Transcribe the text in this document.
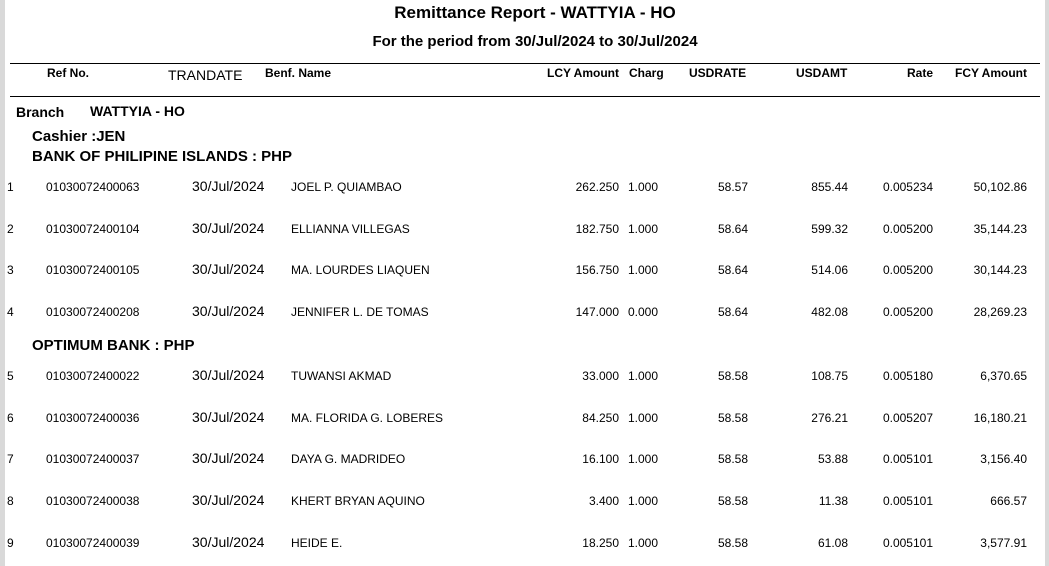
Remittance Report - WATTYIA - HO
For the period from 30/Jul/2024 to 30/Jul/2024
Ref No.	TRANDATE Benf. Name	LCY Amount Charg USDRATE	USDAMT	Rate	FCY Amount
Branch WATTYIA - HO
Cashier :JEN
BANK OF PHILIPINE ISLANDS : PHP
1	01030072400063	30/Jul/2024 JOEL P. QUIAMBAO	262.250 1.000	58.57	855.44	0.005234	50,102.86
2	01030072400104	30/Jul/2024 ELLIANNA VILLEGAS	182.750 1.000	58.64	599.32	0.005200	35,144.23
3	01030072400105	30/Jul/2024 MA. LOURDES LIAQUEN	156.750 1.000	58.64	514.06	0.005200	30,144.23
4	01030072400208	30/Jul/2024 JENNIFER L. DE TOMAS	147.000 0.000	58.64	482.08	0.005200	28,269.23
OPTIMUM BANK : PHP
5	01030072400022	30/Jul/2024 TUWANSI AKMAD	33.000 1.000	58.58	108.75	0.005180	6,370.65
6	01030072400036	30/Jul/2024 MA. FLORIDA G. LOBERES	84.250 1.000	58.58	276.21	0.005207	16,180.21
7	01030072400037	30/Jul/2024 DAYA G. MADRIDEO	16.100 1.000	58.58	53.88	0.005101	3,156.40
8	01030072400038	30/Jul/2024 KHERT BRYAN AQUINO	3.400 1.000	58.58	11.38	0.005101	666.57
9	01030072400039	30/Jul/2024 HEIDE E.	18.250 1.000	58.58	61.08	0.005101	3,577.91
